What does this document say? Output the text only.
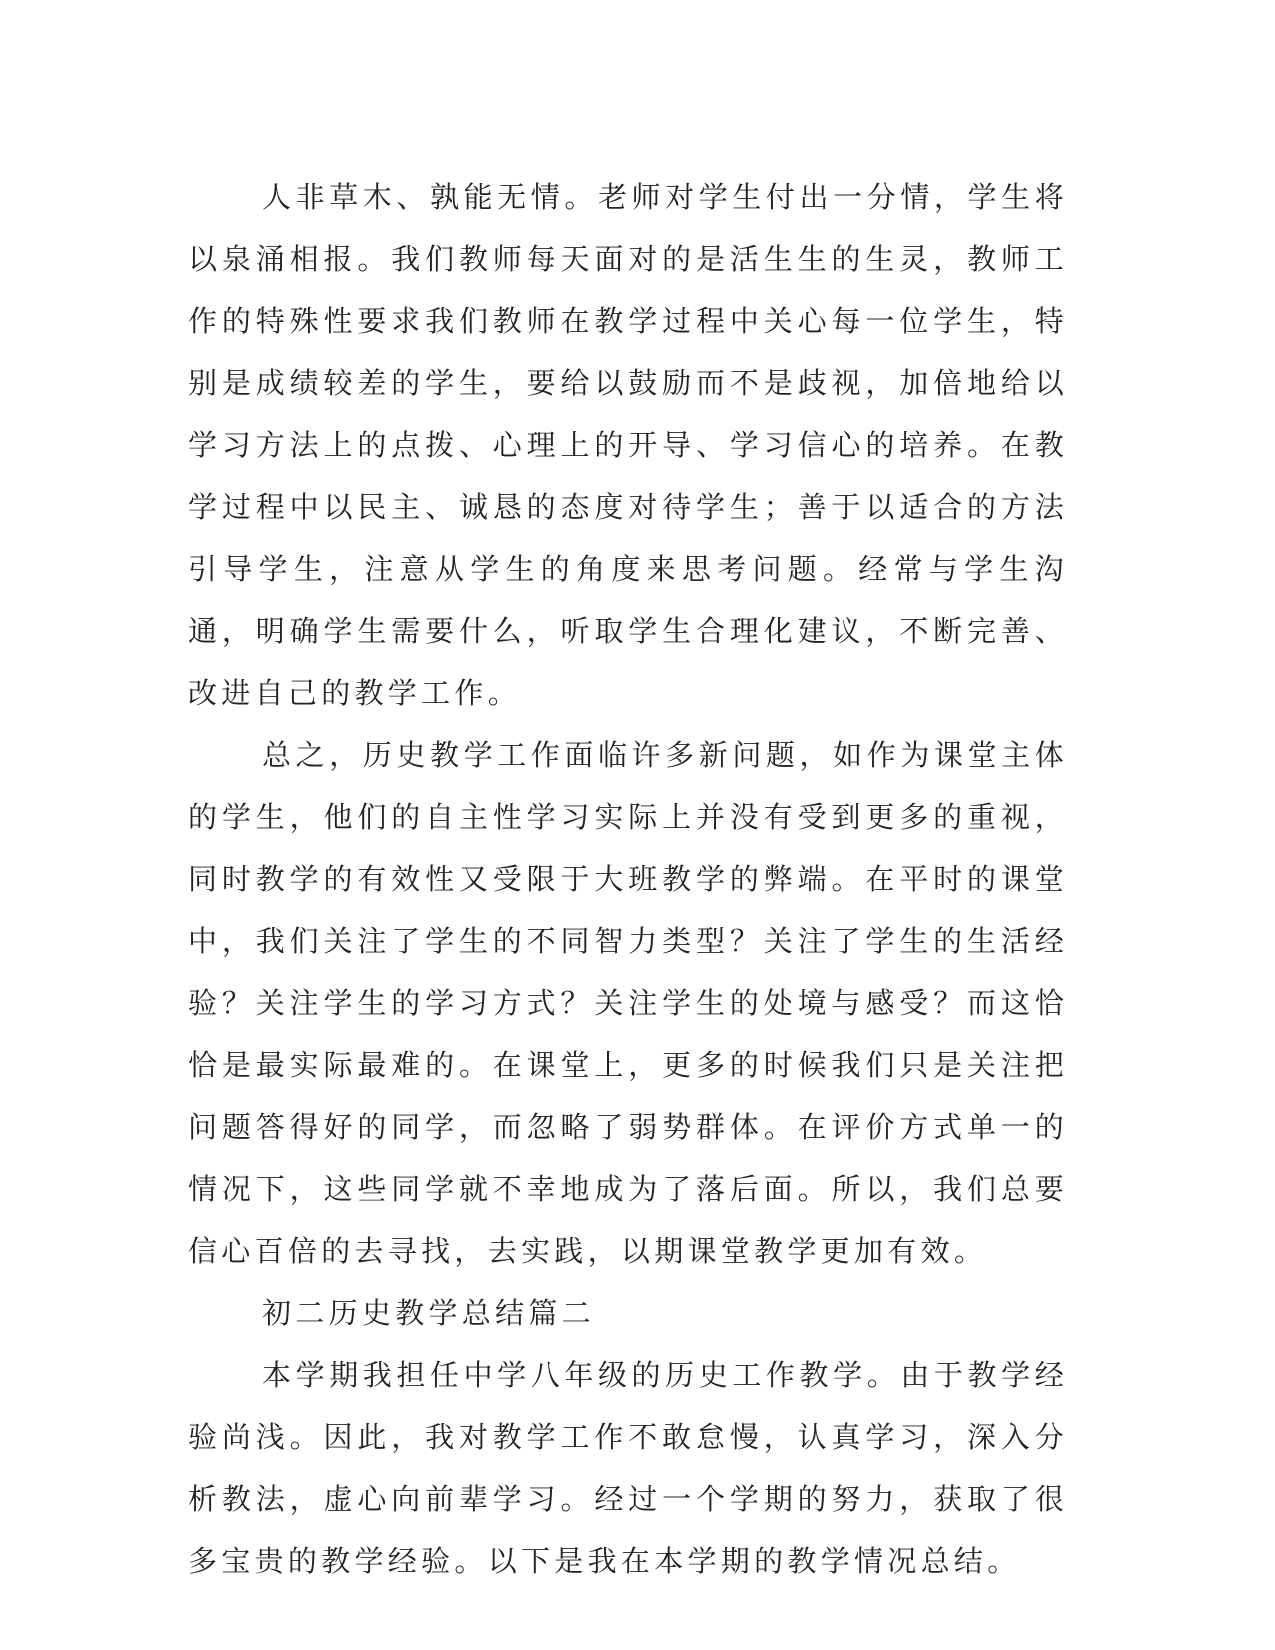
人非草木、孰能无情。老师对学生付出一分情，学生将以泉涌相报。我们教师每天面对的是活生生的生灵，教师工作的特殊性要求我们教师在教学过程中关心每一位学生，特别是成绩较差的学生，要给以鼓励而不是歧视，加倍地给以学习方法上的点拨、心理上的开导、学习信心的培养。在教学过程中以民主、诚恳的态度对待学生；善于以适合的方法引导学生，注意从学生的角度来思考问题。经常与学生沟通，明确学生需要什么，听取学生合理化建议，不断完善、改进自己的教学工作。

总之，历史教学工作面临许多新问题，如作为课堂主体的学生，他们的自主性学习实际上并没有受到更多的重视，同时教学的有效性又受限于大班教学的弊端。在平时的课堂中，我们关注了学生的不同智力类型？关注了学生的生活经验？关注学生的学习方式？关注学生的处境与感受？而这恰恰是最实际最难的。在课堂上，更多的时候我们只是关注把问题答得好的同学，而忽略了弱势群体。在评价方式单一的情况下，这些同学就不幸地成为了落后面。所以，我们总要信心百倍的去寻找，去实践，以期课堂教学更加有效。

初二历史教学总结篇二

本学期我担任中学八年级的历史工作教学。由于教学经验尚浅。因此，我对教学工作不敢怠慢，认真学习，深入分析教法，虚心向前辈学习。经过一个学期的努力，获取了很多宝贵的教学经验。以下是我在本学期的教学情况总结。
